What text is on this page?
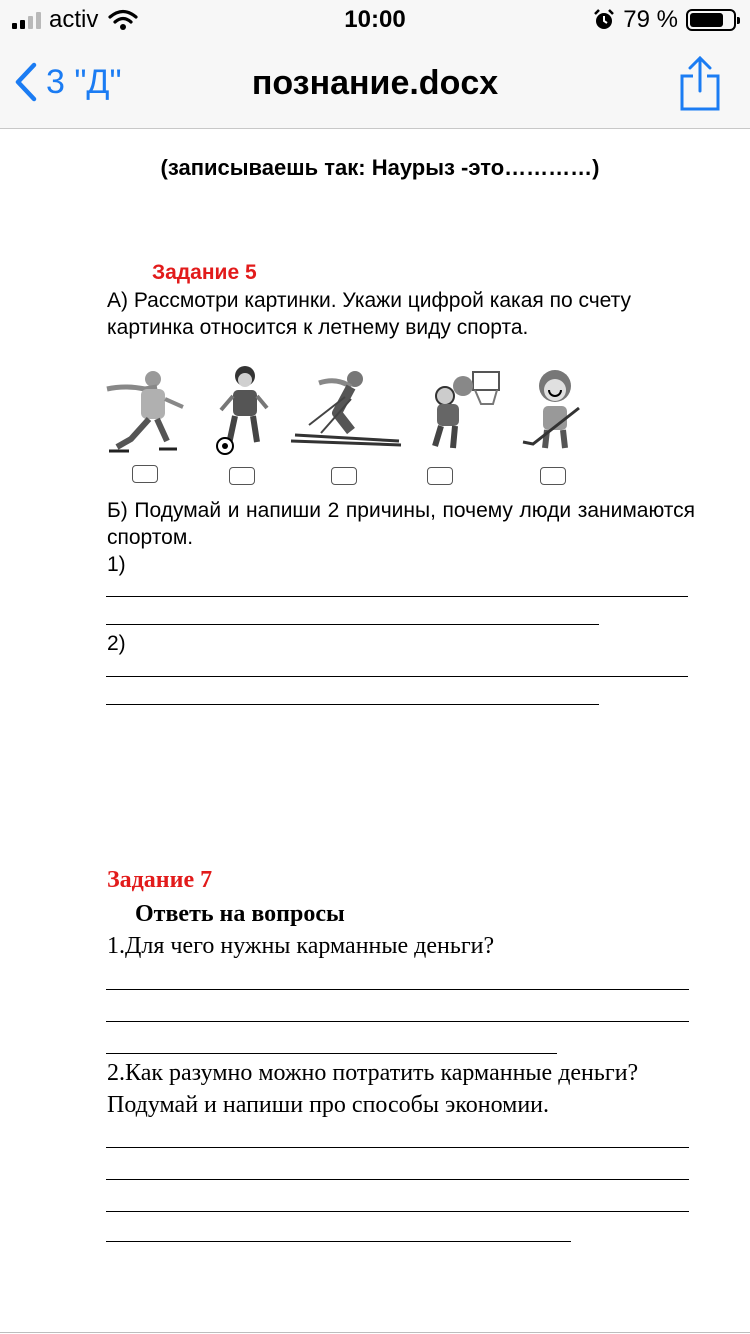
activ	10:00	79 %
3 "Д"	познание.docx
(записываешь так: Наурыз -это…………)
Задание 5
А) Рассмотри картинки. Укажи цифрой какая по счету картинка относится к летнему виду спорта.
Б) Подумай и напиши 2 причины, почему люди занимаются спортом.
1)
2)
Задание 7
Ответь на вопросы
1.Для чего нужны карманные деньги?
2.Как разумно можно потратить карманные деньги? Подумай и напиши про способы экономии.
